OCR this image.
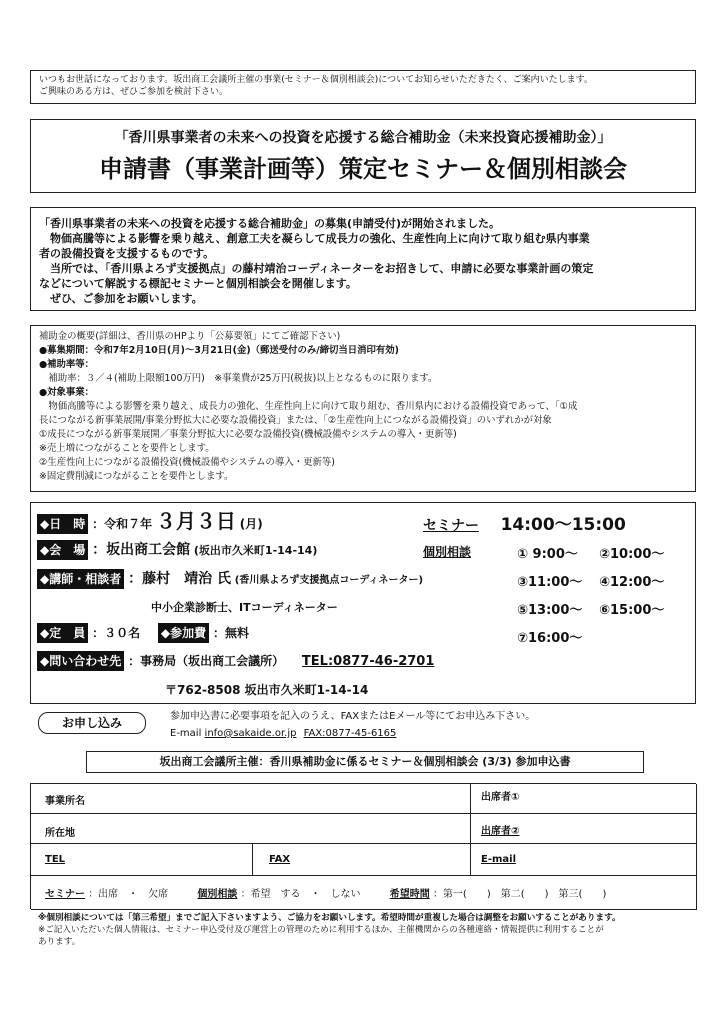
いつもお世話になっております。坂出商工会議所主催の事業(セミナー＆個別相談会)についてお知らせいただきたく、ご案内いたします。
ご興味のある方は、ぜひご参加を検討下さい。
「香川県事業者の未来への投資を応援する総合補助金（未来投資応援補助金）」
申請書（事業計画等）策定セミナー＆個別相談会
「香川県事業者の未来への投資を応援する総合補助金」の募集(申請受付)が開始されました。
　物価高騰等による影響を乗り越え、創意工夫を凝らして成長力の強化、生産性向上に向けて取り組む県内事業
者の設備投資を支援するものです。
　当所では、「香川県よろず支援拠点」の藤村靖治コーディネーターをお招きして、申請に必要な事業計画の策定
などについて解説する標記セミナーと個別相談会を開催します。
　ぜひ、ご参加をお願いします。
補助金の概要(詳細は、香川県のHPより「公募要領」にてご確認下さい)
●募集期間：令和7年2月10日(月)～3月21日(金)（郵送受付のみ/締切当日消印有効)
●補助率等：
　補助率：３／４(補助上限額100万円)　※事業費が25万円(税抜)以上となるものに限ります。
●対象事業：
　物価高騰等による影響を乗り越え、成長力の強化、生産性向上に向けて取り組む、香川県内における設備投資であって、「①成
長につながる新事業展開/事業分野拡大に必要な設備投資」または、「②生産性向上につながる設備投資」のいずれかが対象
①成長につながる新事業展開／事業分野拡大に必要な設備投資(機械設備やシステムの導入・更新等)
※売上増につながることを要件とします。
②生産性向上につながる設備投資(機械設備やシステムの導入・更新等)
※固定費削減につながることを要件とします。
◆ 日　時 ：令和７年 ３月３日 (月)	セミナー 14:00～15:00
◆ 会　場 ：坂出商工会館 (坂出市久米町1-14-14)	個別相談	① 9:00～ ②10:00～
③11:00～ ④12:00～
⑤13:00～ ⑥15:00～
⑦16:00～
◆ 講師・相談者 ：藤村　靖治 氏 (香川県よろず支援拠点コーディネーター)
中小企業診断士、ITコーディネーター
◆ 定　員 ：３０名 ◆	参加費 ：無料
◆ 問い合わせ先 ：事務局（坂出商工会議所） TEL:0877-46-2701
〒762-8508 坂出市久米町1-14-14
お申し込み	参加申込書に必要事項を記入のうえ、FAXまたはEメール等にてお申込み下さい。
E-mail info@sakaide.or.jp FAX:0877-45-6165
坂出商工会議所主催：香川県補助金に係るセミナー＆個別相談会 (3/3) 参加申込書
事業所名	出席者①
所在地	出席者②
TEL	FAX	E-mail
セミナー ：出席　・　欠席	個別相談 ：希望　する　・　しない	希望時間 ：第一(　　)　第二(　　)　第三(　　)
※個別相談については「第三希望」までご記入下さいますよう、ご協力をお願いします。希望時間が重複した場合は調整をお願いすることがあります。
※ご記入いただいた個人情報は、セミナー申込受付及び運営上の管理のために利用するほか、主催機関からの各種連絡・情報提供に利用することが
あります。
